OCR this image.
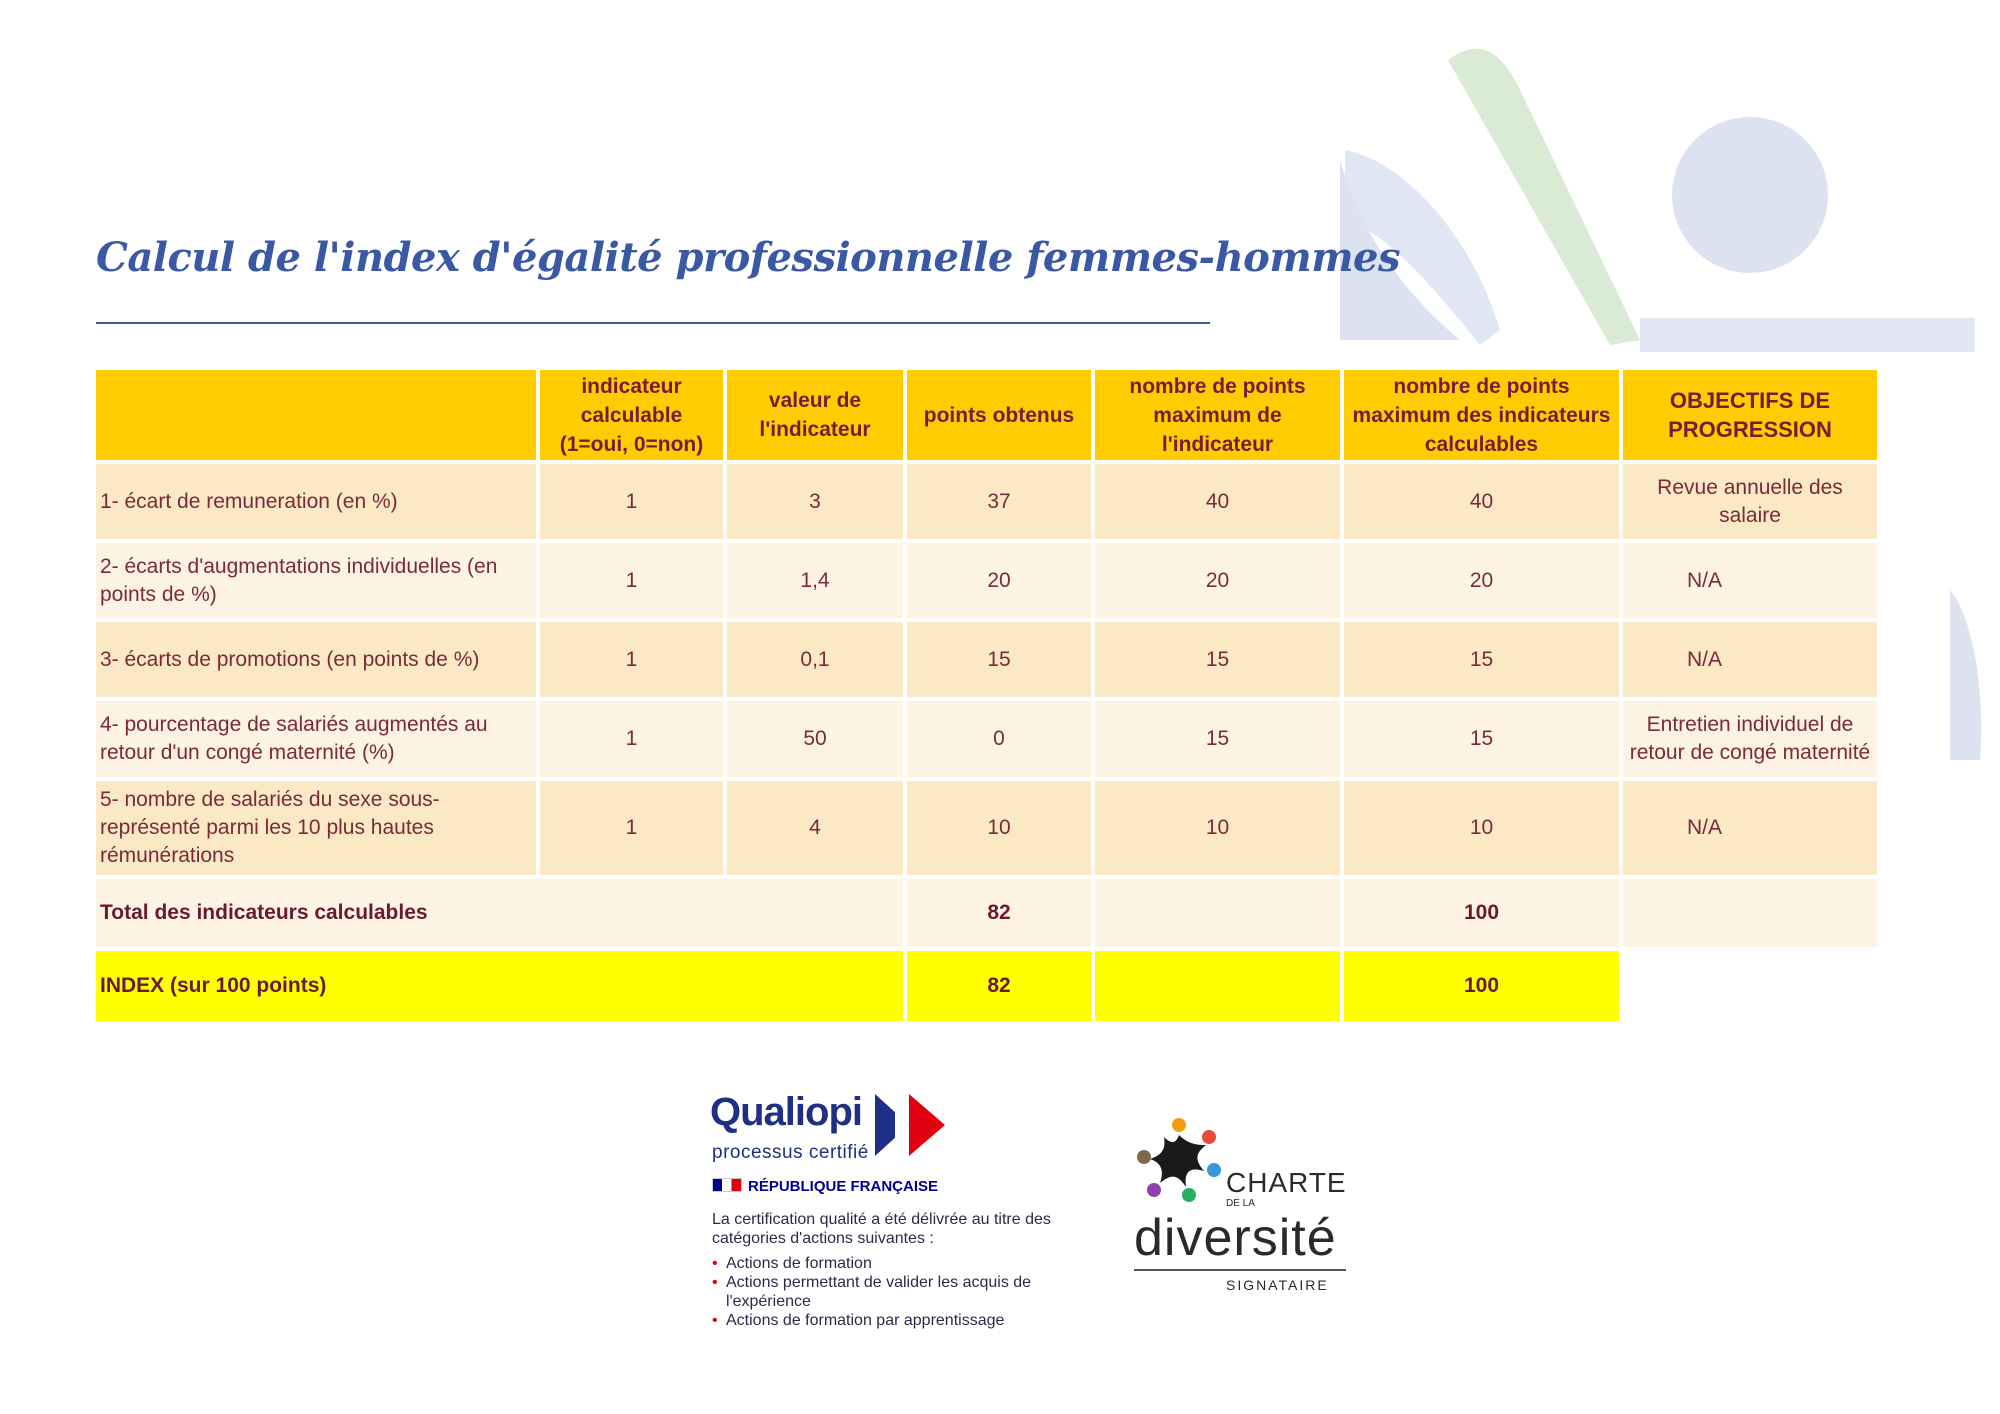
Calcul de l'index d'égalité professionnelle femmes-hommes
	indicateur calculable (1=oui, 0=non)	valeur de l'indicateur	points obtenus	nombre de points maximum de l'indicateur	nombre de points maximum des indicateurs calculables	OBJECTIFS DE PROGRESSION
1- écart de remuneration (en %)	1	3	37	40	40	Revue annuelle des salaire
2- écarts d'augmentations individuelles (en points de %)	1	1,4	20	20	20	N/A
3- écarts de promotions (en points de %)	1	0,1	15	15	15	N/A
4- pourcentage de salariés augmentés au retour d'un congé maternité (%)	1	50	0	15	15	Entretien individuel de retour de congé maternité
5- nombre de salariés du sexe sous-représenté parmi les 10 plus hautes rémunérations	1	4	10	10	10	N/A
Total des indicateurs calculables			82		100	
INDEX (sur 100 points)			82		100	
Qualiopi
processus certifié
RÉPUBLIQUE FRANÇAISE
La certification qualité a été délivrée au titre des catégories d'actions suivantes :
• Actions de formation
• Actions permettant de valider les acquis de l'expérience
• Actions de formation par apprentissage
CHARTE
DE LA
diversité
SIGNATAIRE
